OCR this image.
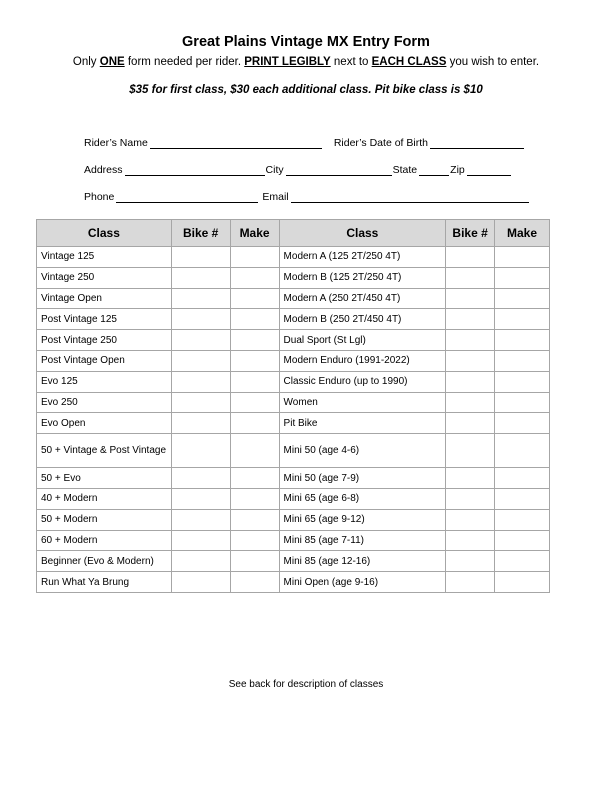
Great Plains Vintage MX Entry Form
Only ONE form needed per rider. PRINT LEGIBLY next to EACH CLASS you wish to enter.
$35 for first class, $30 each additional class. Pit bike class is $10
Rider’s Name	Rider’s Date of Birth
Address	City	State	Zip
Phone	Email
Class	Bike #	Make	Class	Bike #	Make
Vintage 125			Modern A (125 2T/250 4T)		
Vintage 250			Modern B (125 2T/250 4T)		
Vintage Open			Modern A (250 2T/450 4T)		
Post Vintage 125			Modern B (250 2T/450 4T)		
Post Vintage 250			Dual Sport (St Lgl)		
Post Vintage Open			Modern Enduro (1991-2022)		
Evo 125			Classic Enduro (up to 1990)		
Evo 250			Women		
Evo Open			Pit Bike		
50 + Vintage & Post Vintage			Mini 50 (age 4-6)		
50 + Evo			Mini 50 (age 7-9)		
40 + Modern			Mini 65 (age 6-8)		
50 + Modern			Mini 65 (age 9-12)		
60 + Modern			Mini 85 (age 7-11)		
Beginner (Evo & Modern)			Mini 85 (age 12-16)		
Run What Ya Brung			Mini Open (age 9-16)		
See back for description of classes
